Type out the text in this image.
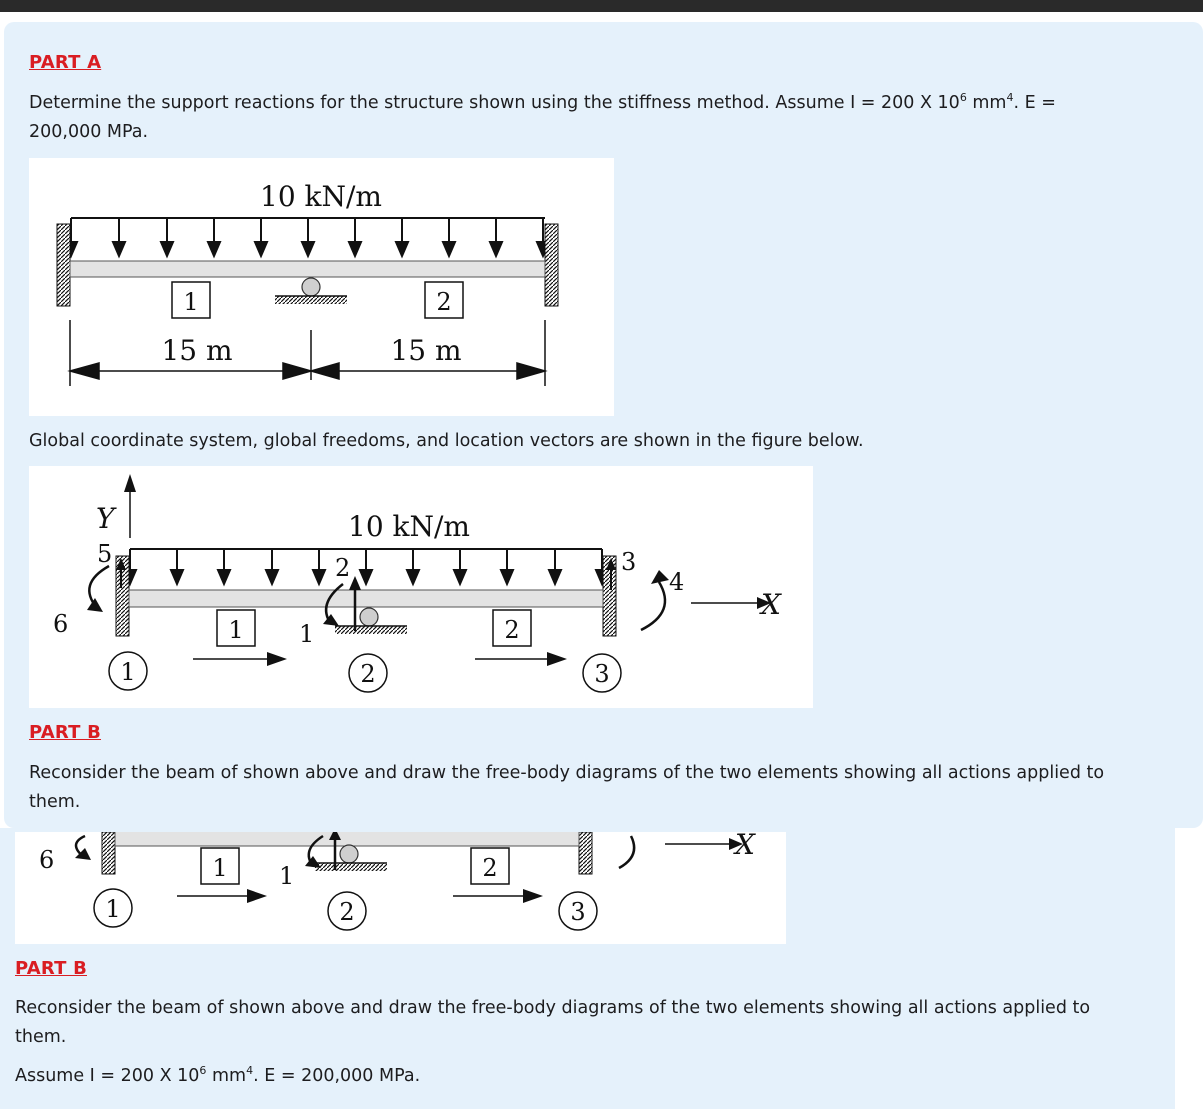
PART A

Determine the support reactions for the structure shown using the stiffness method. Assume I = 200 X $10^6$ $mm^4$. E =
200,000 MPa.

10 kN/m
1	2
15 m	15 m

Global coordinate system, global freedoms, and location vectors are shown in the figure below.

Y	10 kN/m
5
6
2
1
3
4
X
1	2
1	2	3

PART B

Reconsider the beam of shown above and draw the free-body diagrams of the two elements showing all actions applied to
them.

1
6	X
1	2
1	2	3

PART B

Reconsider the beam of shown above and draw the free-body diagrams of the two elements showing all actions applied to
them.

Assume I = 200 X $10^6$ $mm^4$. E = 200,000 MPa.
